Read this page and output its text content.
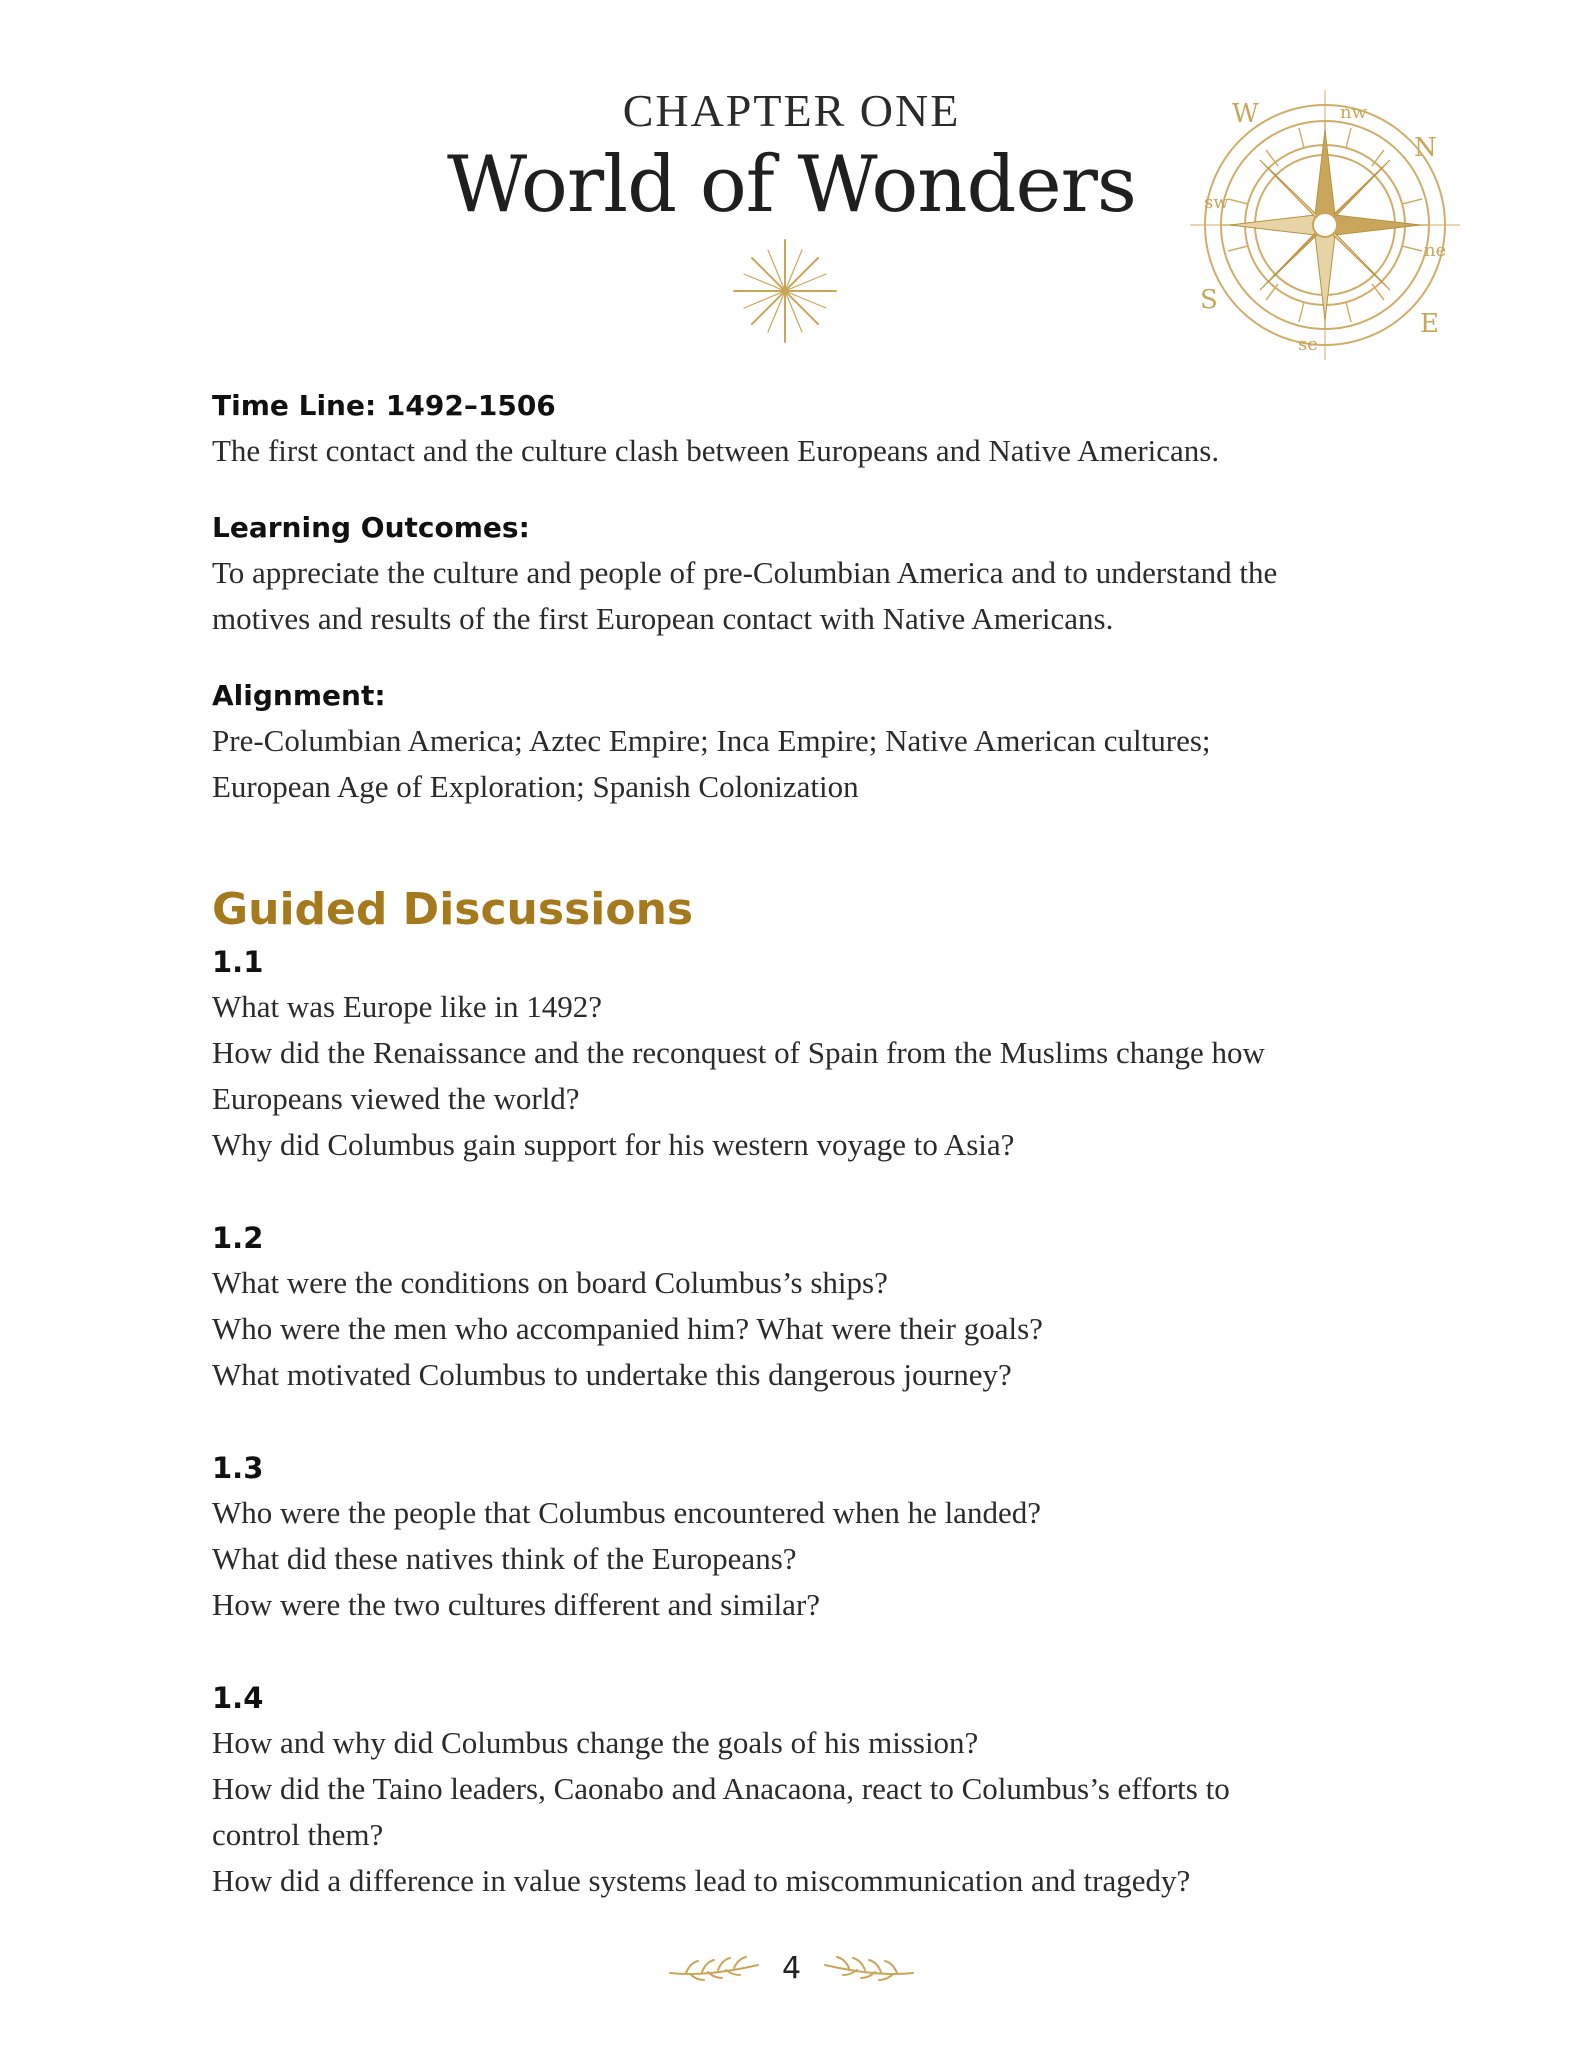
CHAPTER ONE
World of Wonders
W
N
E
S
nw
ne
se
sw

Time Line: 1492–1506

The first contact and the culture clash between Europeans and Native Americans.

Learning Outcomes:

To appreciate the culture and people of pre-Columbian America and to understand the

motives and results of the first European contact with Native Americans.

Alignment:

Pre-Columbian America; Aztec Empire; Inca Empire; Native American cultures;

European Age of Exploration; Spanish Colonization

Guided Discussions

1.1

What was Europe like in 1492?

How did the Renaissance and the reconquest of Spain from the Muslims change how

Europeans viewed the world?

Why did Columbus gain support for his western voyage to Asia?

1.2

What were the conditions on board Columbus’s ships?

Who were the men who accompanied him? What were their goals?

What motivated Columbus to undertake this dangerous journey?

1.3

Who were the people that Columbus encountered when he landed?

What did these natives think of the Europeans?

How were the two cultures different and similar?

1.4

How and why did Columbus change the goals of his mission?

How did the Taino leaders, Caonabo and Anacaona, react to Columbus’s efforts to

control them?

How did a difference in value systems lead to miscommunication and tragedy?

4
